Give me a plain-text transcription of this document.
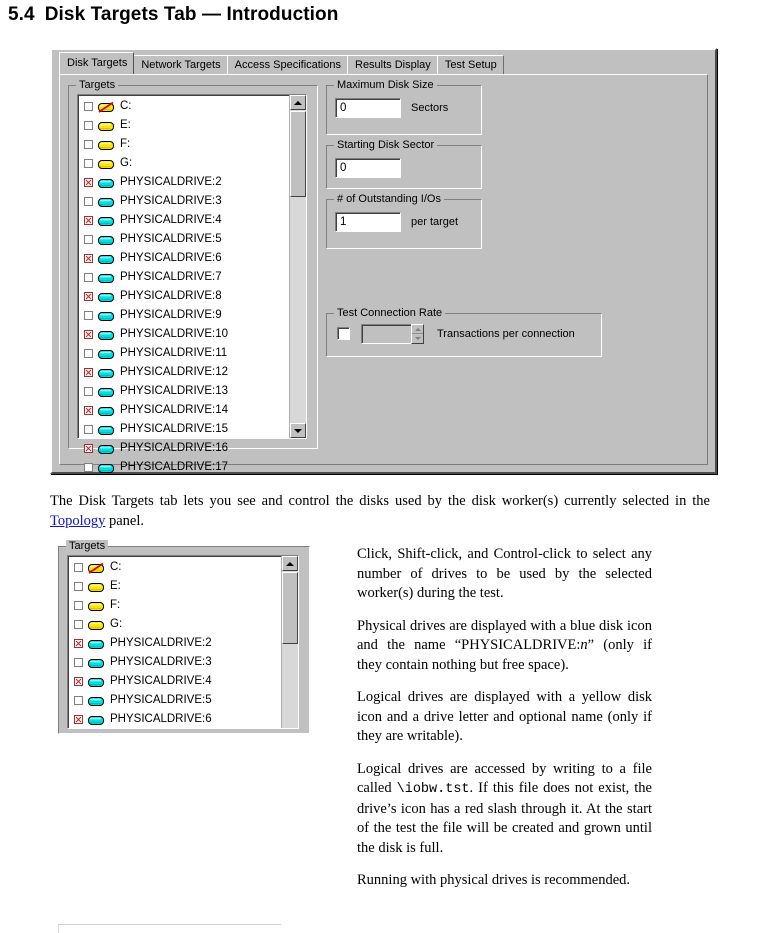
5.4 Disk Targets Tab — Introduction
Disk Targets	Network Targets	Access Specifications	Results Display	Test Setup
Targets
C:
E:
F:
G:
PHYSICALDRIVE:2
PHYSICALDRIVE:3
PHYSICALDRIVE:4
PHYSICALDRIVE:5
PHYSICALDRIVE:6
PHYSICALDRIVE:7
PHYSICALDRIVE:8
PHYSICALDRIVE:9
PHYSICALDRIVE:10
PHYSICALDRIVE:11
PHYSICALDRIVE:12
PHYSICALDRIVE:13
PHYSICALDRIVE:14
PHYSICALDRIVE:15
PHYSICALDRIVE:16
PHYSICALDRIVE:17
Maximum Disk Size
0	Sectors
Starting Disk Sector
0
# of Outstanding I/Os
1	per target
Test Connection Rate
Transactions per connection

The Disk Targets tab lets you see and control the disks used by the disk worker(s) currently selected in the Topology panel.

Targets
C:
E:
F:
G:
PHYSICALDRIVE:2
PHYSICALDRIVE:3
PHYSICALDRIVE:4
PHYSICALDRIVE:5
PHYSICALDRIVE:6

Click, Shift-click, and Control-click to select any number of drives to be used by the selected worker(s) during the test.

Physical drives are displayed with a blue disk icon and the name “PHYSICALDRIVE:n” (only if they contain nothing but free space).

Logical drives are displayed with a yellow disk icon and a drive letter and optional name (only if they are writable).

Logical drives are accessed by writing to a file called \iobw.tst. If this file does not exist, the drive’s icon has a red slash through it. At the start of the test the file will be created and grown until the disk is full.

Running with physical drives is recommended.
